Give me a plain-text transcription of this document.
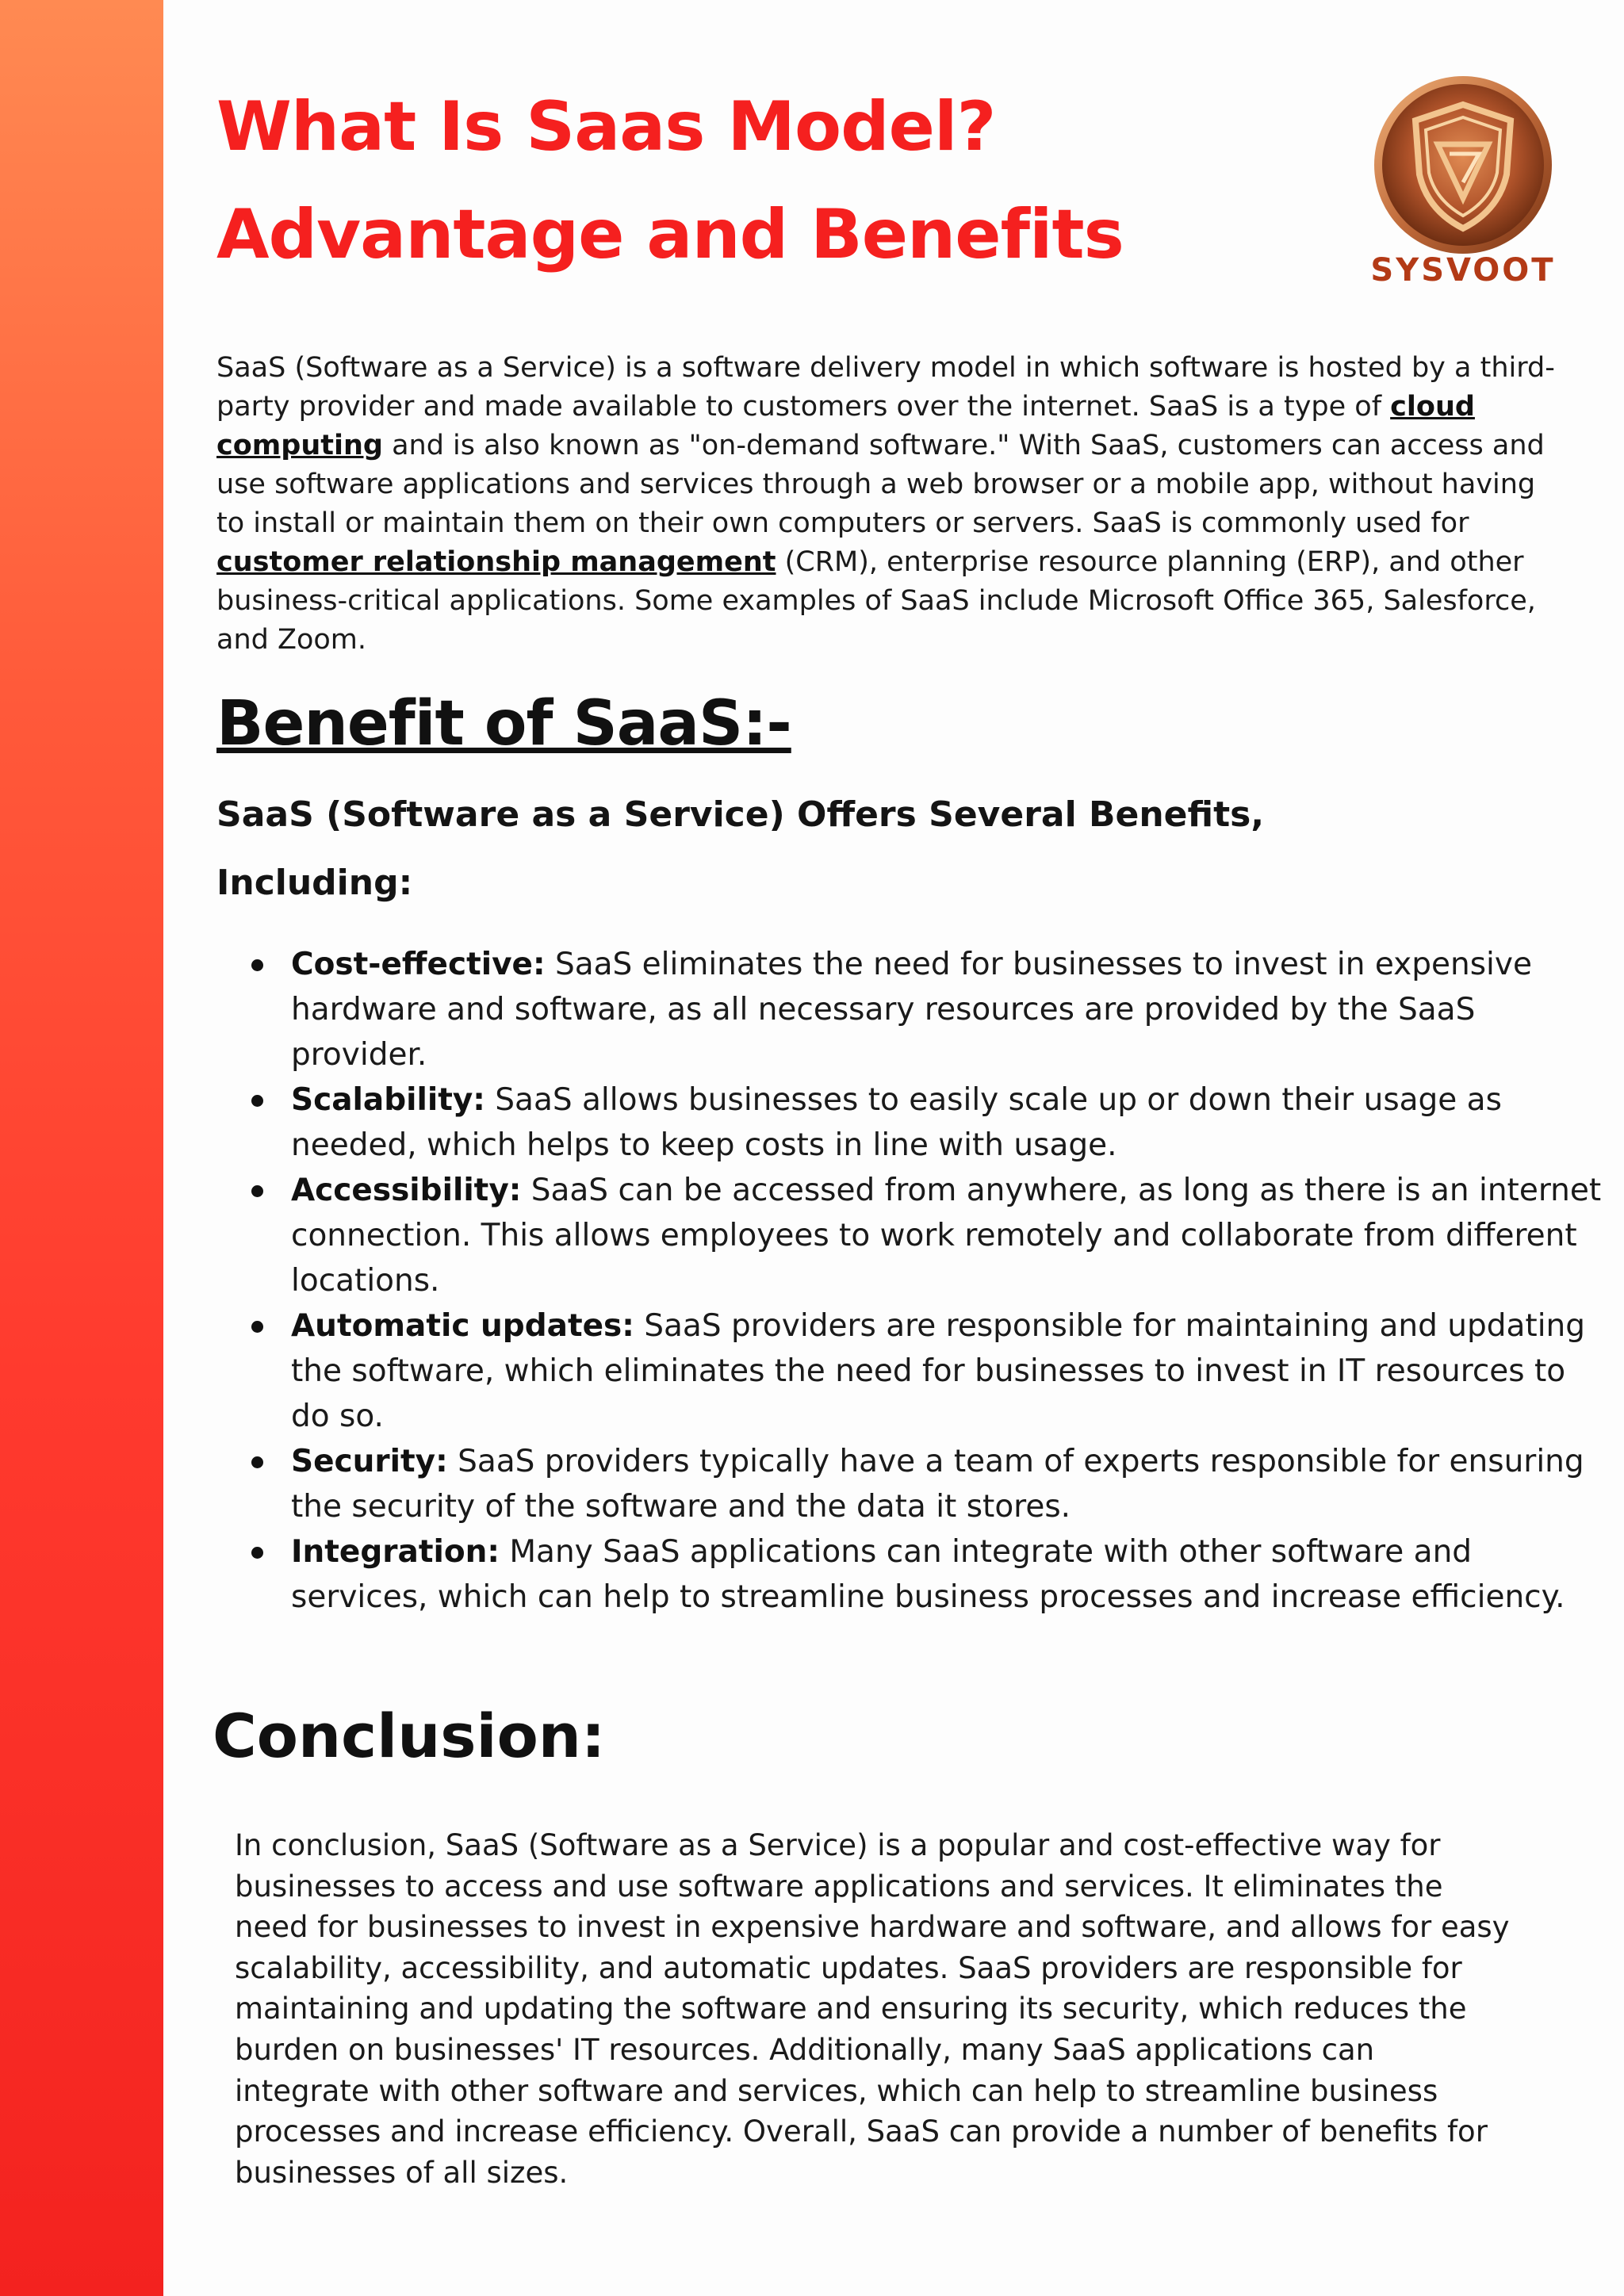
What Is Saas Model?
Advantage and Benefits	SYSVOOT

SaaS (Software as a Service) is a software delivery model in which software is hosted by a third-party provider and made available to customers over the internet. SaaS is a type of cloud computing and is also known as "on-demand software." With SaaS, customers can access and use software applications and services through a web browser or a mobile app, without having to install or maintain them on their own computers or servers. SaaS is commonly used for customer relationship management (CRM), enterprise resource planning (ERP), and other business-critical applications. Some examples of SaaS include Microsoft Office 365, Salesforce, and Zoom.

Benefit of SaaS:-
SaaS (Software as a Service) Offers Several Benefits, Including:
Cost-effective: SaaS eliminates the need for businesses to invest in expensive hardware and software, as all necessary resources are provided by the SaaS provider.
Scalability: SaaS allows businesses to easily scale up or down their usage as needed, which helps to keep costs in line with usage.
Accessibility: SaaS can be accessed from anywhere, as long as there is an internet connection. This allows employees to work remotely and collaborate from different locations.
Automatic updates: SaaS providers are responsible for maintaining and updating the software, which eliminates the need for businesses to invest in IT resources to do so.
Security: SaaS providers typically have a team of experts responsible for ensuring the security of the software and the data it stores.
Integration: Many SaaS applications can integrate with other software and services, which can help to streamline business processes and increase efficiency.
Conclusion:

In conclusion, SaaS (Software as a Service) is a popular and cost-effective way for businesses to access and use software applications and services. It eliminates the need for businesses to invest in expensive hardware and software, and allows for easy scalability, accessibility, and automatic updates. SaaS providers are responsible for maintaining and updating the software and ensuring its security, which reduces the burden on businesses' IT resources. Additionally, many SaaS applications can integrate with other software and services, which can help to streamline business processes and increase efficiency. Overall, SaaS can provide a number of benefits for businesses of all sizes.
